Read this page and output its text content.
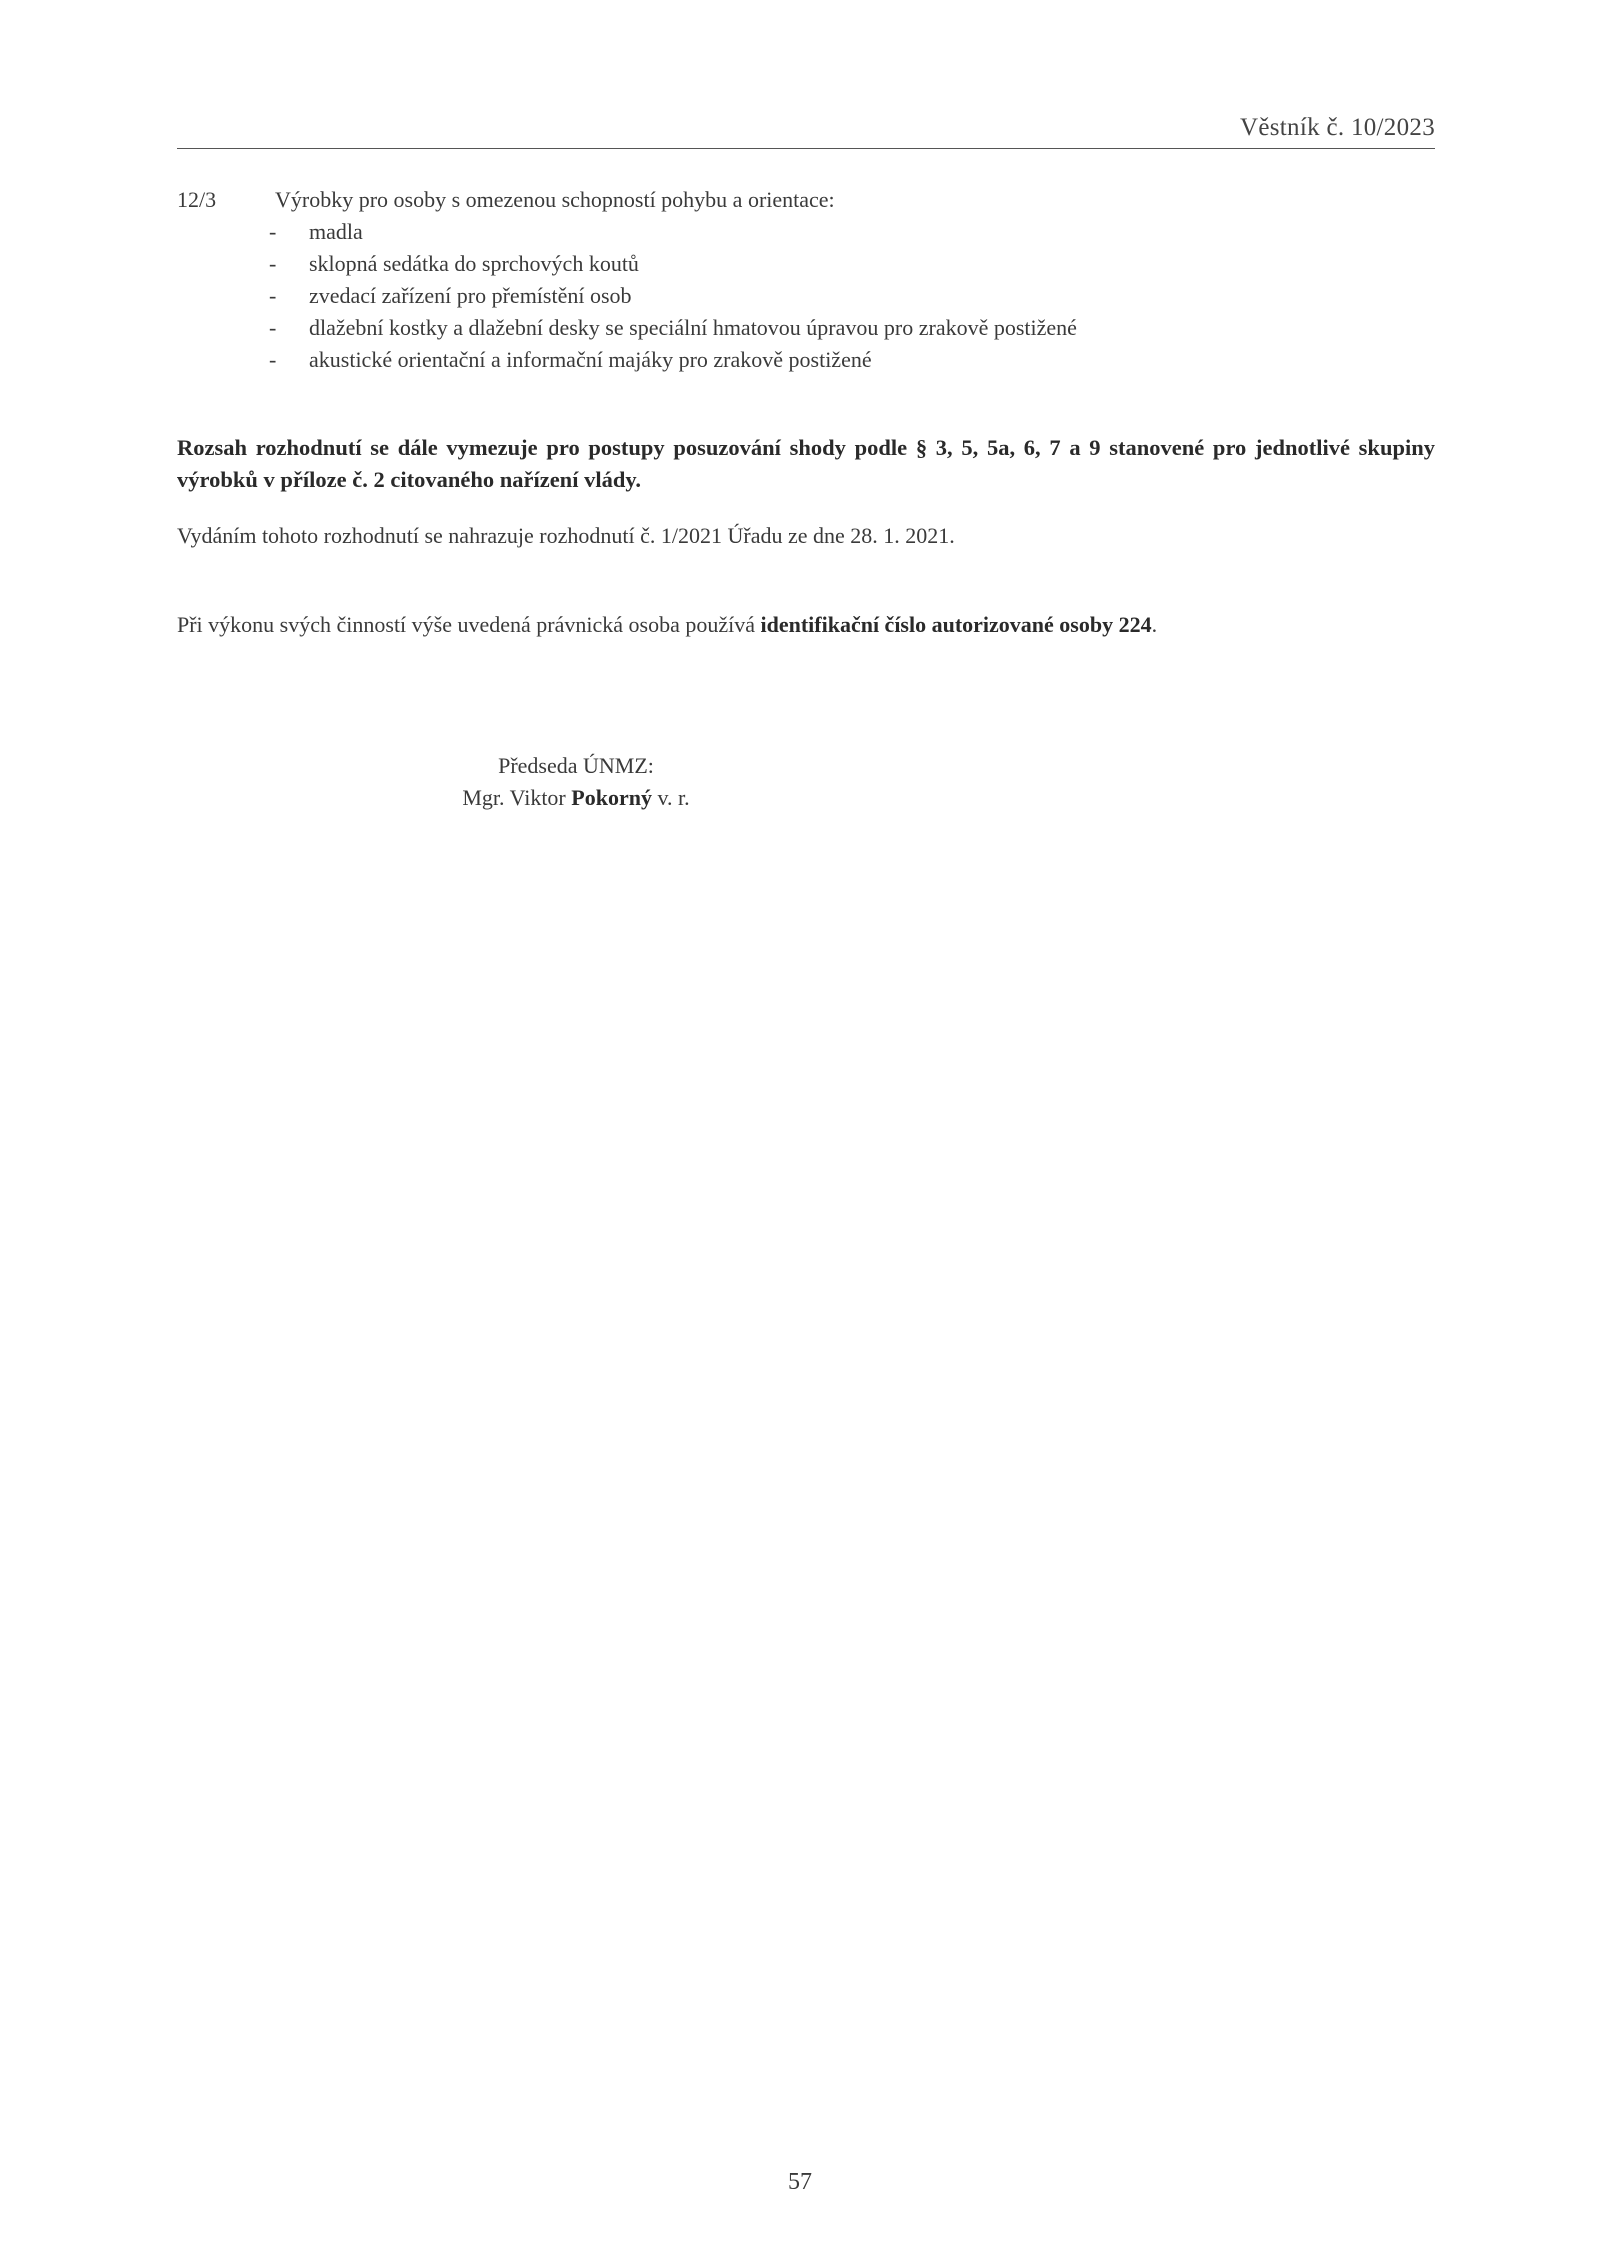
Věstník č. 10/2023
12/3	Výrobky pro osoby s omezenou schopností pohybu a orientace:
- madla
- sklopná sedátka do sprchových koutů
- zvedací zařízení pro přemístění osob
- dlažební kostky a dlažební desky se speciální hmatovou úpravou pro zrakově postižené
- akustické orientační a informační majáky pro zrakově postižené

Rozsah rozhodnutí se dále vymezuje pro postupy posuzování shody podle § 3, 5, 5a, 6, 7 a 9 stanovené pro jednotlivé skupiny výrobků v příloze č. 2 citovaného nařízení vlády.

Vydáním tohoto rozhodnutí se nahrazuje rozhodnutí č. 1/2021 Úřadu ze dne 28. 1. 2021.

Při výkonu svých činností výše uvedená právnická osoba používá identifikační číslo autorizované osoby 224.

Předseda ÚNMZ:
Mgr. Viktor Pokorný v. r.
57
